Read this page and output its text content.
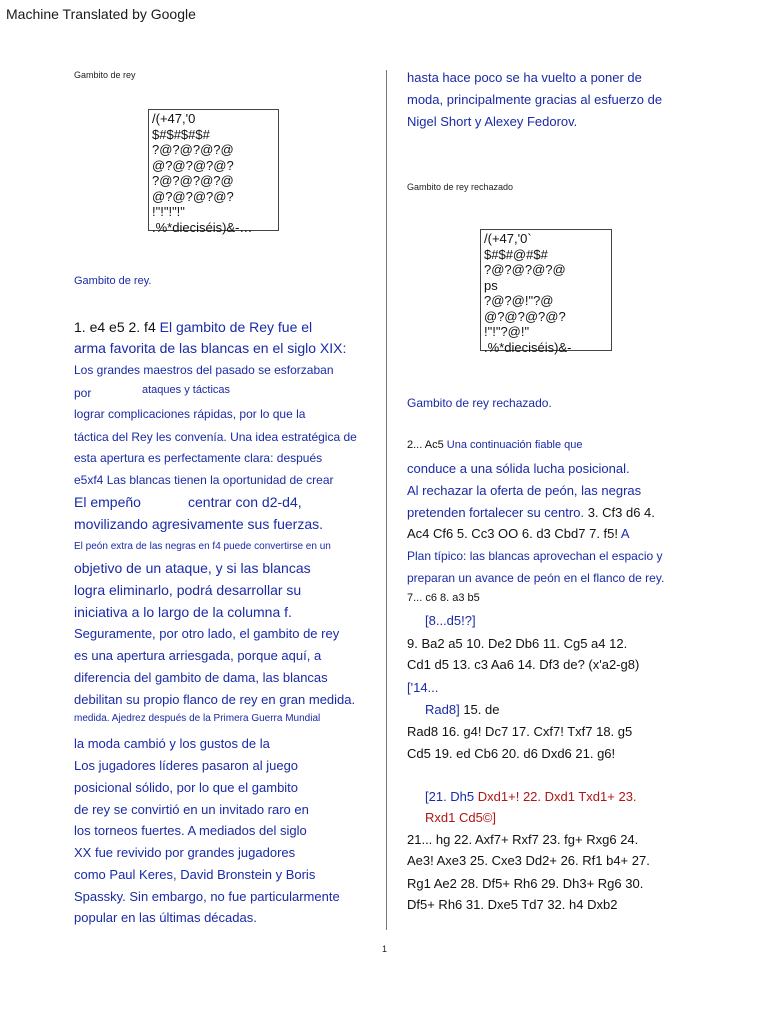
Machine Translated by Google
Gambito de rey
/(+47,'0
$#$#$#$#
?@?@?@?@
@?@?@?@?
?@?@?@?@
@?@?@?@?
!"!"!"!"
.%*dieciséis)&-…
Gambito de rey.
1. e4 e5 2. f4 El gambito de Rey fue el
arma favorita de las blancas en el siglo XIX:
Los grandes maestros del pasado se esforzaban
por	ataques y tácticas
lograr complicaciones rápidas, por lo que la
táctica del Rey les convenía. Una idea estratégica de
esta apertura es perfectamente clara: después
e5xf4 Las blancas tienen la oportunidad de crear
El empeño	centrar con d2-d4,
movilizando agresivamente sus fuerzas.
El peón extra de las negras en f4 puede convertirse en un
objetivo de un ataque, y si las blancas
logra eliminarlo, podrá desarrollar su
iniciativa a lo largo de la columna f.
Seguramente, por otro lado, el gambito de rey
es una apertura arriesgada, porque aquí, a
diferencia del gambito de dama, las blancas
debilitan su propio flanco de rey en gran medida.
medida. Ajedrez después de la Primera Guerra Mundial
la moda cambió y los gustos de la
Los jugadores líderes pasaron al juego
posicional sólido, por lo que el gambito
de rey se convirtió en un invitado raro en
los torneos fuertes. A mediados del siglo
XX fue revivido por grandes jugadores
como Paul Keres, David Bronstein y Boris
Spassky. Sin embargo, no fue particularmente
popular en las últimas décadas.
hasta hace poco se ha vuelto a poner de
moda, principalmente gracias al esfuerzo de
Nigel Short y Alexey Fedorov.
Gambito de rey rechazado
/(+47,'0`
$#$#@#$#
?@?@?@?@
ps
?@?@!"?@
@?@?@?@?
!"!"?@!"
.%*dieciséis)&-
Gambito de rey rechazado.
2... Ac5 Una continuación fiable que
conduce a una sólida lucha posicional.
Al rechazar la oferta de peón, las negras
pretenden fortalecer su centro. 3. Cf3 d6 4.
Ac4 Cf6 5. Cc3 OO 6. d3 Cbd7 7. f5! A
Plan típico: las blancas aprovechan el espacio y
preparan un avance de peón en el flanco de rey.
7... c6 8. a3 b5
[8...d5!?]
9. Ba2 a5 10. De2 Db6 11. Cg5 a4 12.
Cd1 d5 13. c3 Aa6 14. Df3 de? (x'a2-g8)
['14...
Rad8] 15. de
Rad8 16. g4! Dc7 17. Cxf7! Txf7 18. g5
Cd5 19. ed Cb6 20. d6 Dxd6 21. g6!
[21. Dh5 Dxd1+! 22. Dxd1 Txd1+ 23.
Rxd1 Cd5©]
21... hg 22. Axf7+ Rxf7 23. fg+ Rxg6 24.
Ae3! Axe3 25. Cxe3 Dd2+ 26. Rf1 b4+ 27.
Rg1 Ae2 28. Df5+ Rh6 29. Dh3+ Rg6 30.
Df5+ Rh6 31. Dxe5 Td7 32. h4 Dxb2
1
